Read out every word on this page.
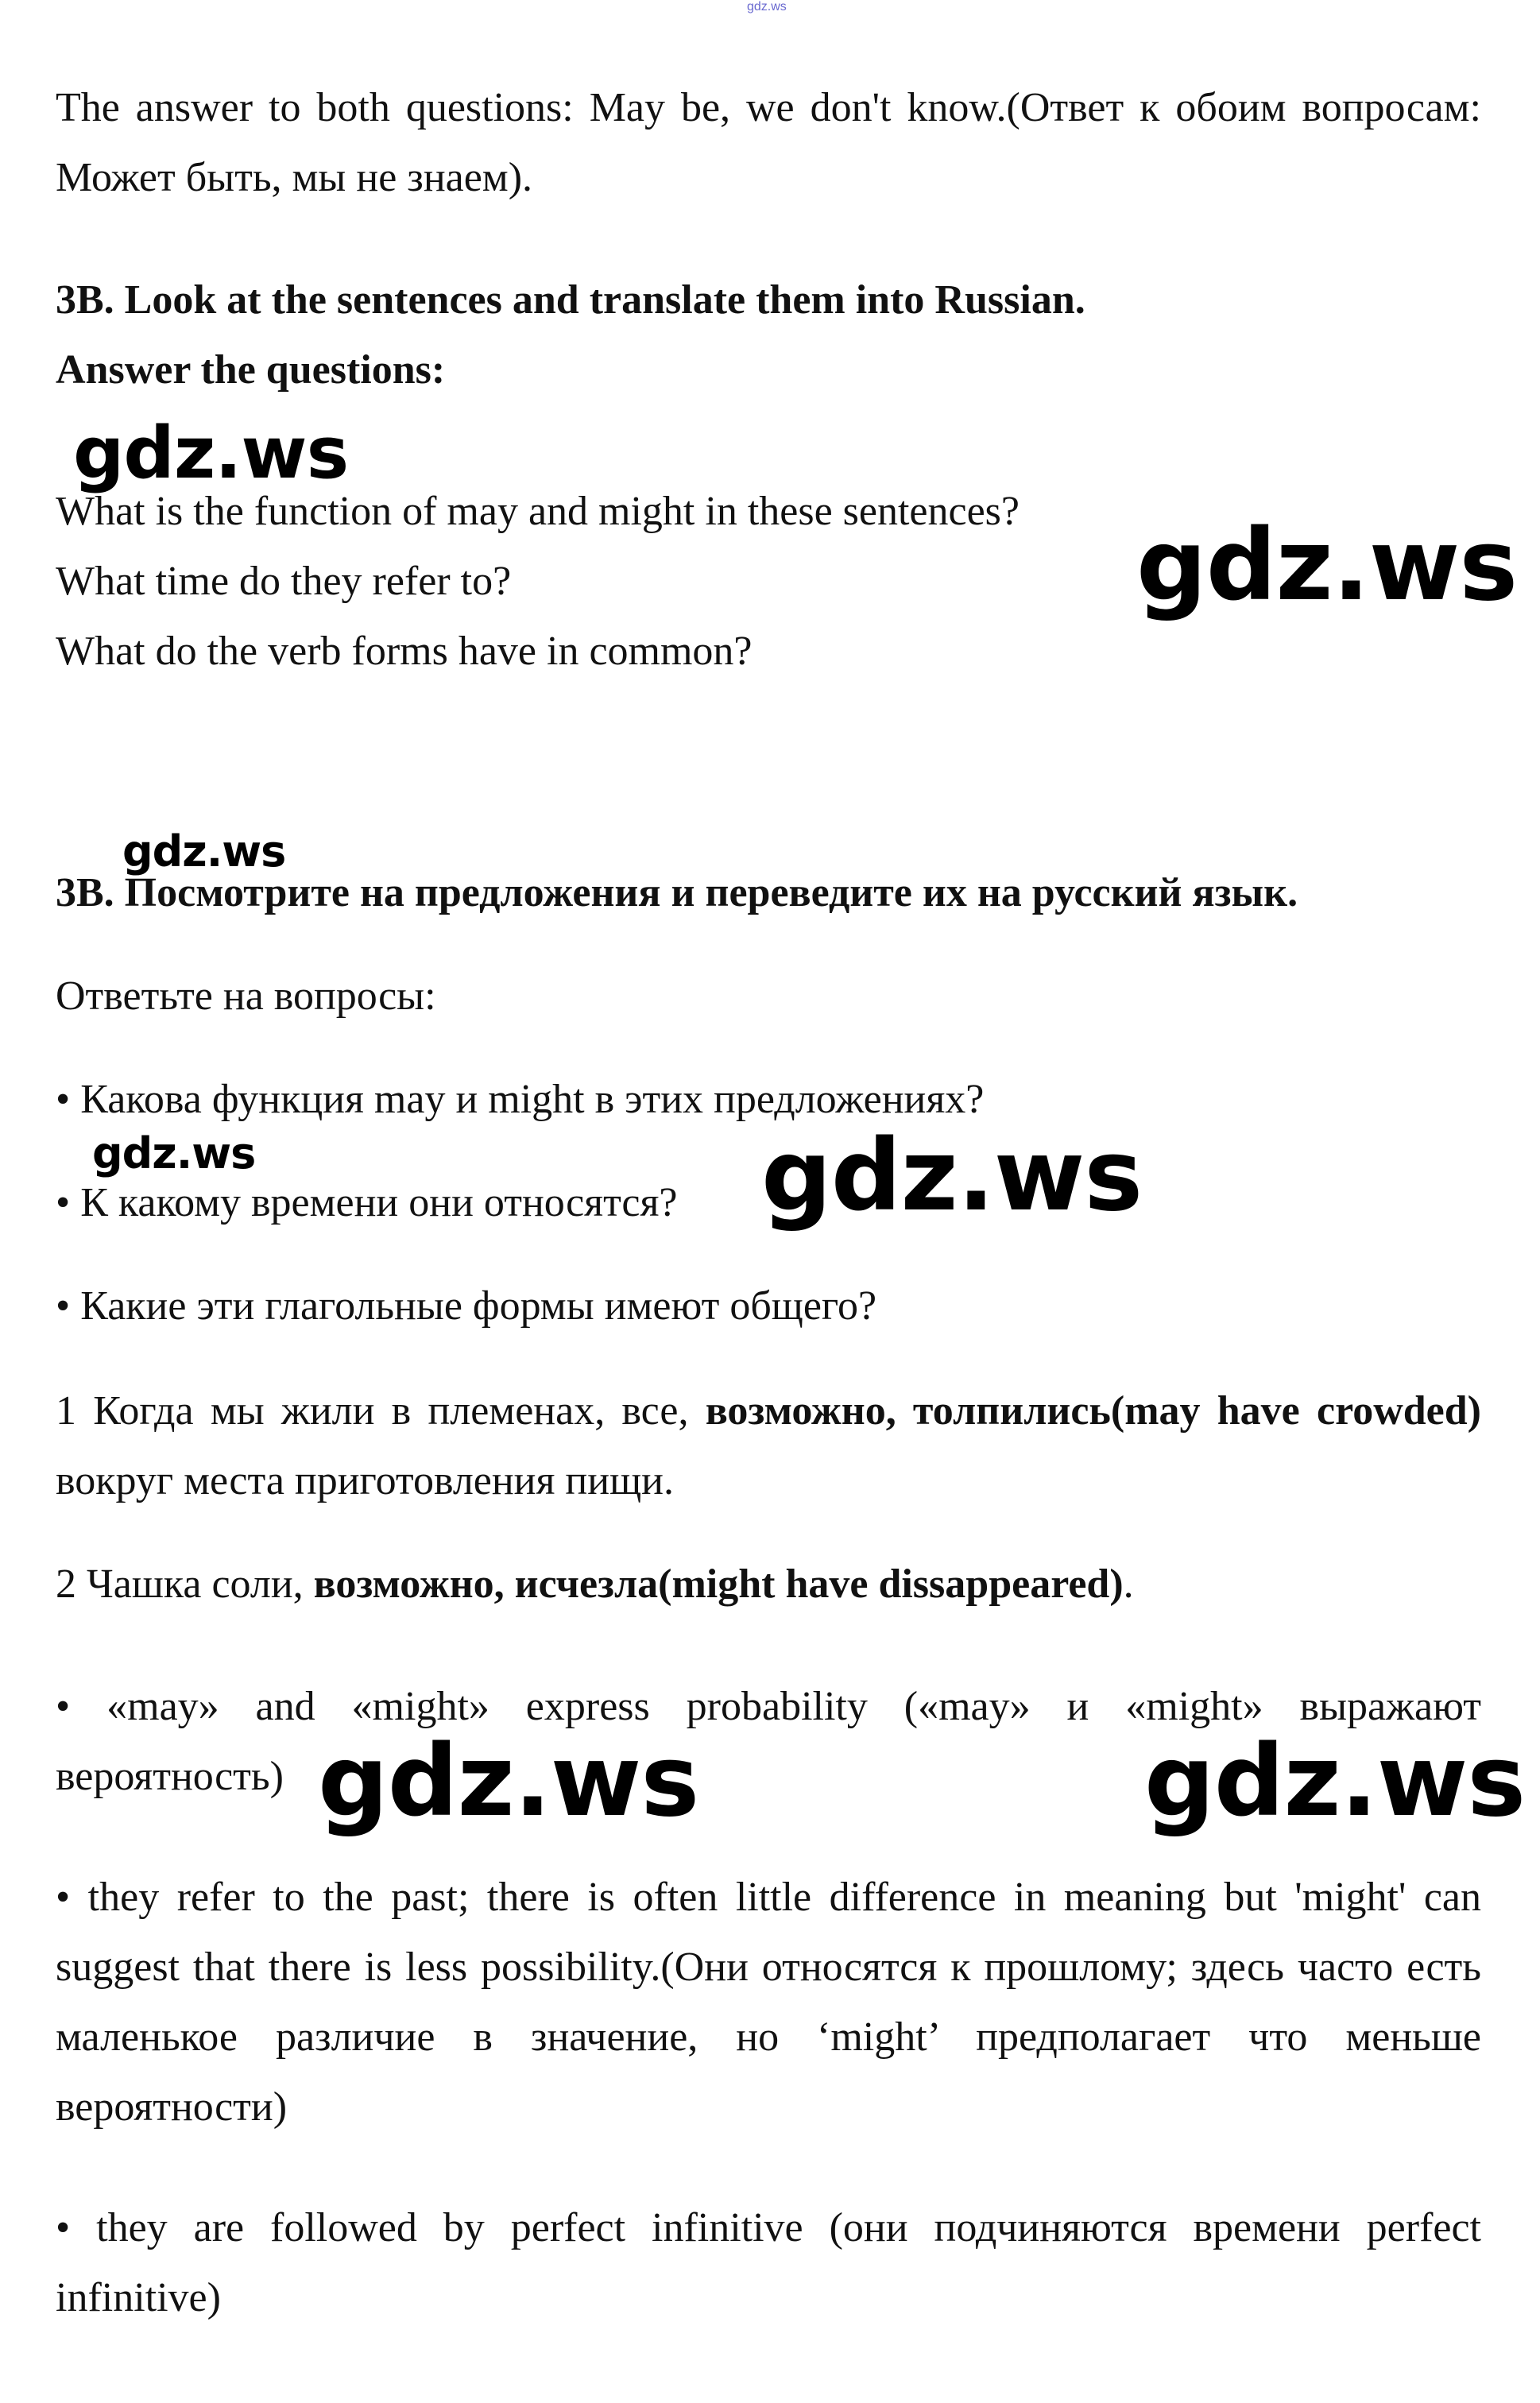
gdz.ws

The answer to both questions: May be, we don't know.(Ответ к обоим вопросам: Может быть, мы не знаем).

3B. Look at the sentences and translate them into Russian.

Answer the questions:

What is the function of may and might in these sentences?

What time do they refer to?

What do the verb forms have in common?

3B. Посмотрите на предложения и переведите их на русский язык.

Ответьте на вопросы:

• Какова функция may и might в этих предложениях?

• К какому времени они относятся?

• Какие эти глагольные формы имеют общего?

1 Когда мы жили в племенах, все, возможно, толпились(may have crowded) вокруг места приготовления пищи.

2 Чашка соли, возможно, исчезла(might have dissappeared).

• «may» and «might» express probability («may» и «might» выражают вероятность)

• they refer to the past; there is often little difference in meaning but 'might' can suggest that there is less possibility.(Они относятся к прошлому; здесь часто есть маленькое различие в значение, но ‘might’ предполагает что меньше вероятности)

• they are followed by perfect infinitive (они подчиняются времени perfect infinitive)

gdz.ws
gdz.ws
gdz.ws
gdz.ws	gdz.ws
gdz.ws	gdz.ws
